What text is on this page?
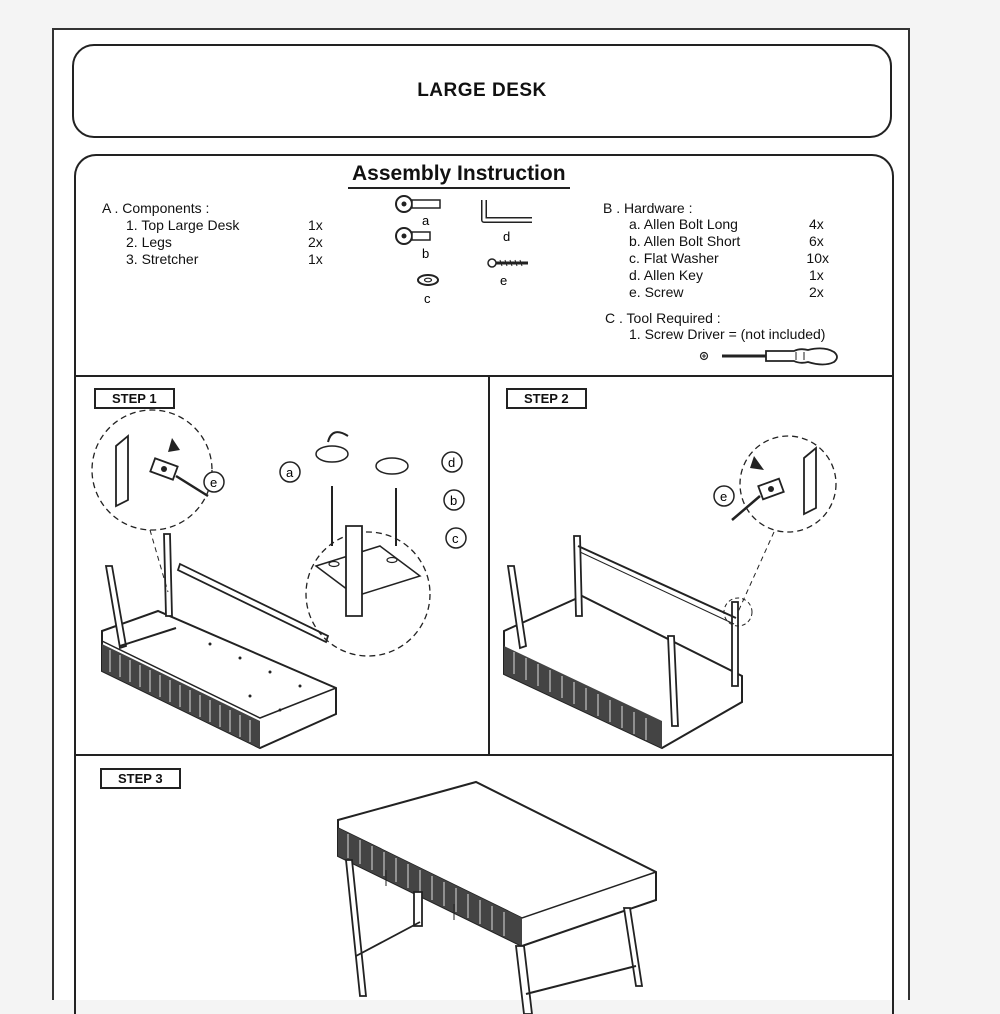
LARGE DESK
Assembly Instruction
A . Components :
1. Top Large Desk	1x
2. Legs	2x
3. Stretcher	1x
a
b
c
d
e
B . Hardware :
a. Allen Bolt Long	4x
b. Allen Bolt Short	6x
c. Flat Washer	10x
d. Allen Key	1x
e. Screw	2x
C . Tool Required :
1. Screw Driver = (not included)
STEP 1
e
a
d
b
c
STEP 2
e
STEP 3
